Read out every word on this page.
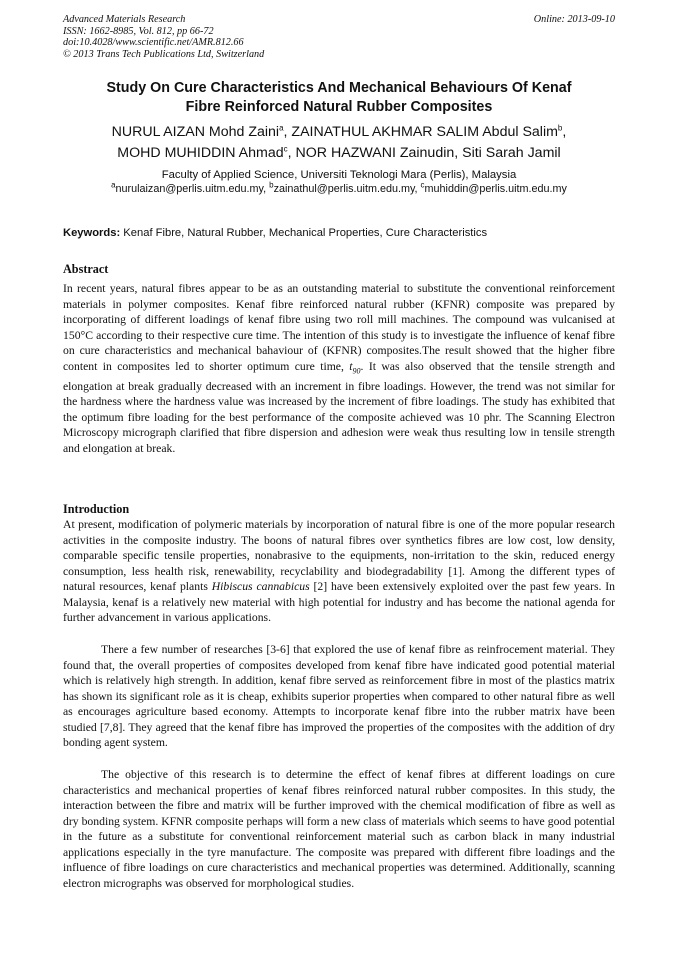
Advanced Materials Research
ISSN: 1662-8985, Vol. 812, pp 66-72
doi:10.4028/www.scientific.net/AMR.812.66
© 2013 Trans Tech Publications Ltd, Switzerland
Online: 2013-09-10
Study On Cure Characteristics And Mechanical Behaviours Of Kenaf
Fibre Reinforced Natural Rubber Composites
NURUL AIZAN Mohd Zaini$^a$, ZAINATHUL AKHMAR SALIM Abdul Salim$^b$,
MOHD MUHIDDIN Ahmad$^c$, NOR HAZWANI Zainudin, Siti Sarah Jamil
Faculty of Applied Science, Universiti Teknologi Mara (Perlis), Malaysia
$^a$nurulaizan@perlis.uitm.edu.my, $^b$zainathul@perlis.uitm.edu.my, $^c$muhiddin@perlis.uitm.edu.my
Keywords: Kenaf Fibre, Natural Rubber, Mechanical Properties, Cure Characteristics
Abstract

In recent years, natural fibres appear to be as an outstanding material to substitute the conventional reinforcement materials in polymer composites. Kenaf fibre reinforced natural rubber (KFNR) composite was prepared by incorporating of different loadings of kenaf fibre using two roll mill machines. The compound was vulcanised at 150°C according to their respective cure time. The intention of this study is to investigate the influence of kenaf fibre on cure characteristics and mechanical bahaviour of (KFNR) composites.The result showed that the higher fibre content in composites led to shorter optimum cure time, $t_{90}$. It was also observed that the tensile strength and elongation at break gradually decreased with an increment in fibre loadings. However, the trend was not similar for the hardness where the hardness value was increased by the increment of fibre loadings. The study has exhibited that the optimum fibre loading for the best performance of the composite achieved was 10 phr. The Scanning Electron Microscopy micrograph clarified that fibre dispersion and adhesion were weak thus resulting low in tensile strength and elongation at break.

Introduction

At present, modification of polymeric materials by incorporation of natural fibre is one of the more popular research activities in the composite industry. The boons of natural fibres over synthetics fibres are low cost, low density, comparable specific tensile properties, nonabrasive to the equipments, non-irritation to the skin, reduced energy consumption, less health risk, renewability, recyclability and biodegradability [1]. Among the different types of natural resources, kenaf plants Hibiscus cannabicus [2] have been extensively exploited over the past few years. In Malaysia, kenaf is a relatively new material with high potential for industry and has become the national agenda for further advancement in various applications.

There a few number of researches [3-6] that explored the use of kenaf fibre as reinfrocement material. They found that, the overall properties of composites developed from kenaf fibre have indicated good potential material which is relatively high strength. In addition, kenaf fibre served as reinforcement fibre in most of the plastics matrix has shown its significant role as it is cheap, exhibits superior properties when compared to other natural fibre as well as encourages agriculture based economy. Attempts to incorporate kenaf fibre into the rubber matrix have been studied [7,8]. They agreed that the kenaf fibre has improved the properties of the composites with the addition of dry bonding agent system.

The objective of this research is to determine the effect of kenaf fibres at different loadings on cure characteristics and mechanical properties of kenaf fibres reinforced natural rubber composites. In this study, the interaction between the fibre and matrix will be further improved with the chemical modification of fibre as well as dry bonding system. KFNR composite perhaps will form a new class of materials which seems to have good potential in the future as a substitute for conventional reinforcement material such as carbon black in many industrial applications especially in the tyre manufacture. The composite was prepared with different fibre loadings and the influence of fibre loadings on cure characteristics and mechanical properties was determined. Additionally, scanning electron micrographs was observed for morphological studies.
